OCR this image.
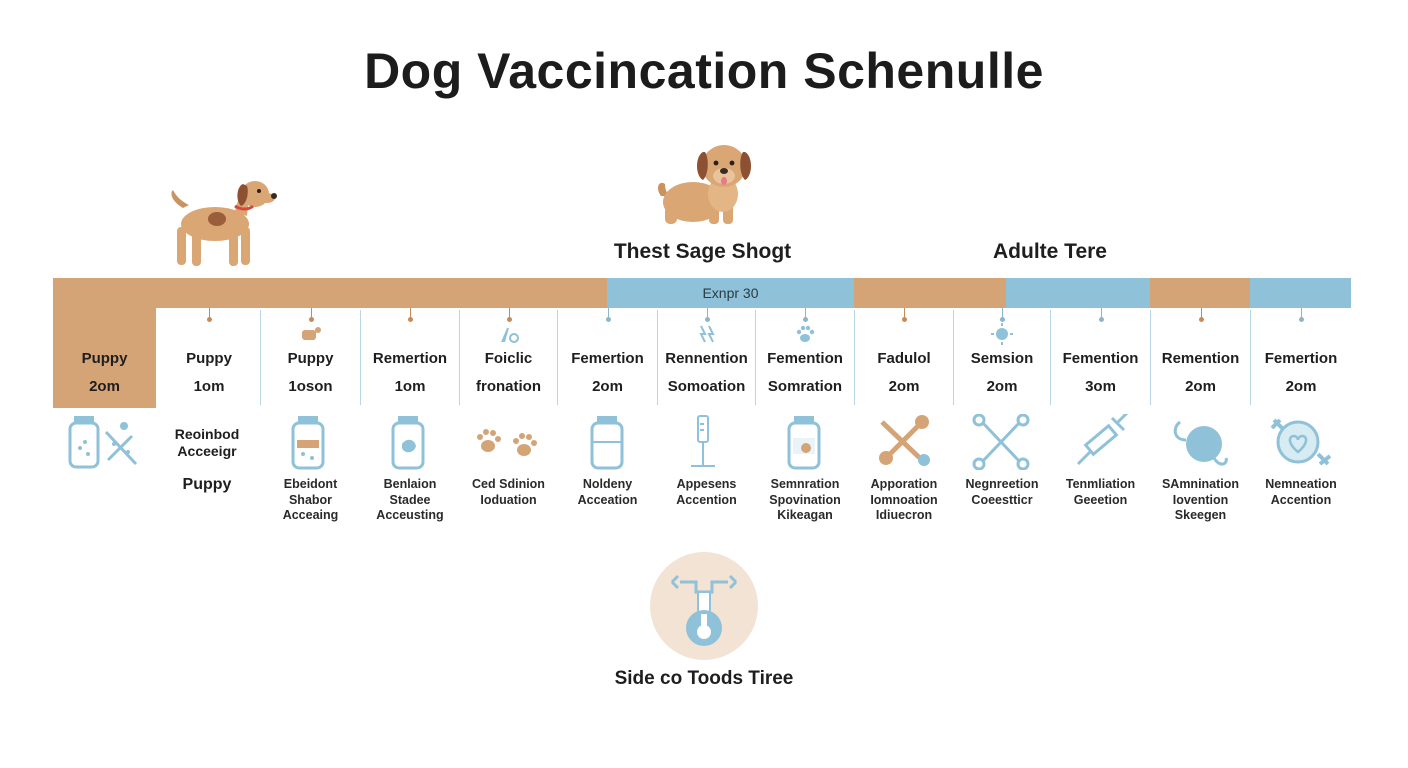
Dog Vaccincation Schenulle
Thest Sage Shogt	Adulte Tere
Exnpr 30
Puppy
2om
Puppy
1om
Puppy
1oson
Remertion
1om
Foiclic
fronation
Femertion
2om
Rennention
Somoation
Femention
Somration
Fadulol
2om
Semsion
2om
Femention
3om
Remention
2om
Femertion
2om
Reoinbod
Acceeigr
Puppy	Ebeidont
Shabor
Acceaing
Benlaion
Stadee
Acceusting
Ced Sdinion
Ioduation
Noldeny
Acceation
Appesens
Accention
Semnration
Spovination
Kikeagan
Apporation
Iomnoation
Idiuecron
Negnreetion
Coeestticr
Tenmliation
Geeetion
SAmnination
Iovention
Skeegen
Nemneation
Accention
Side co Toods Tiree
